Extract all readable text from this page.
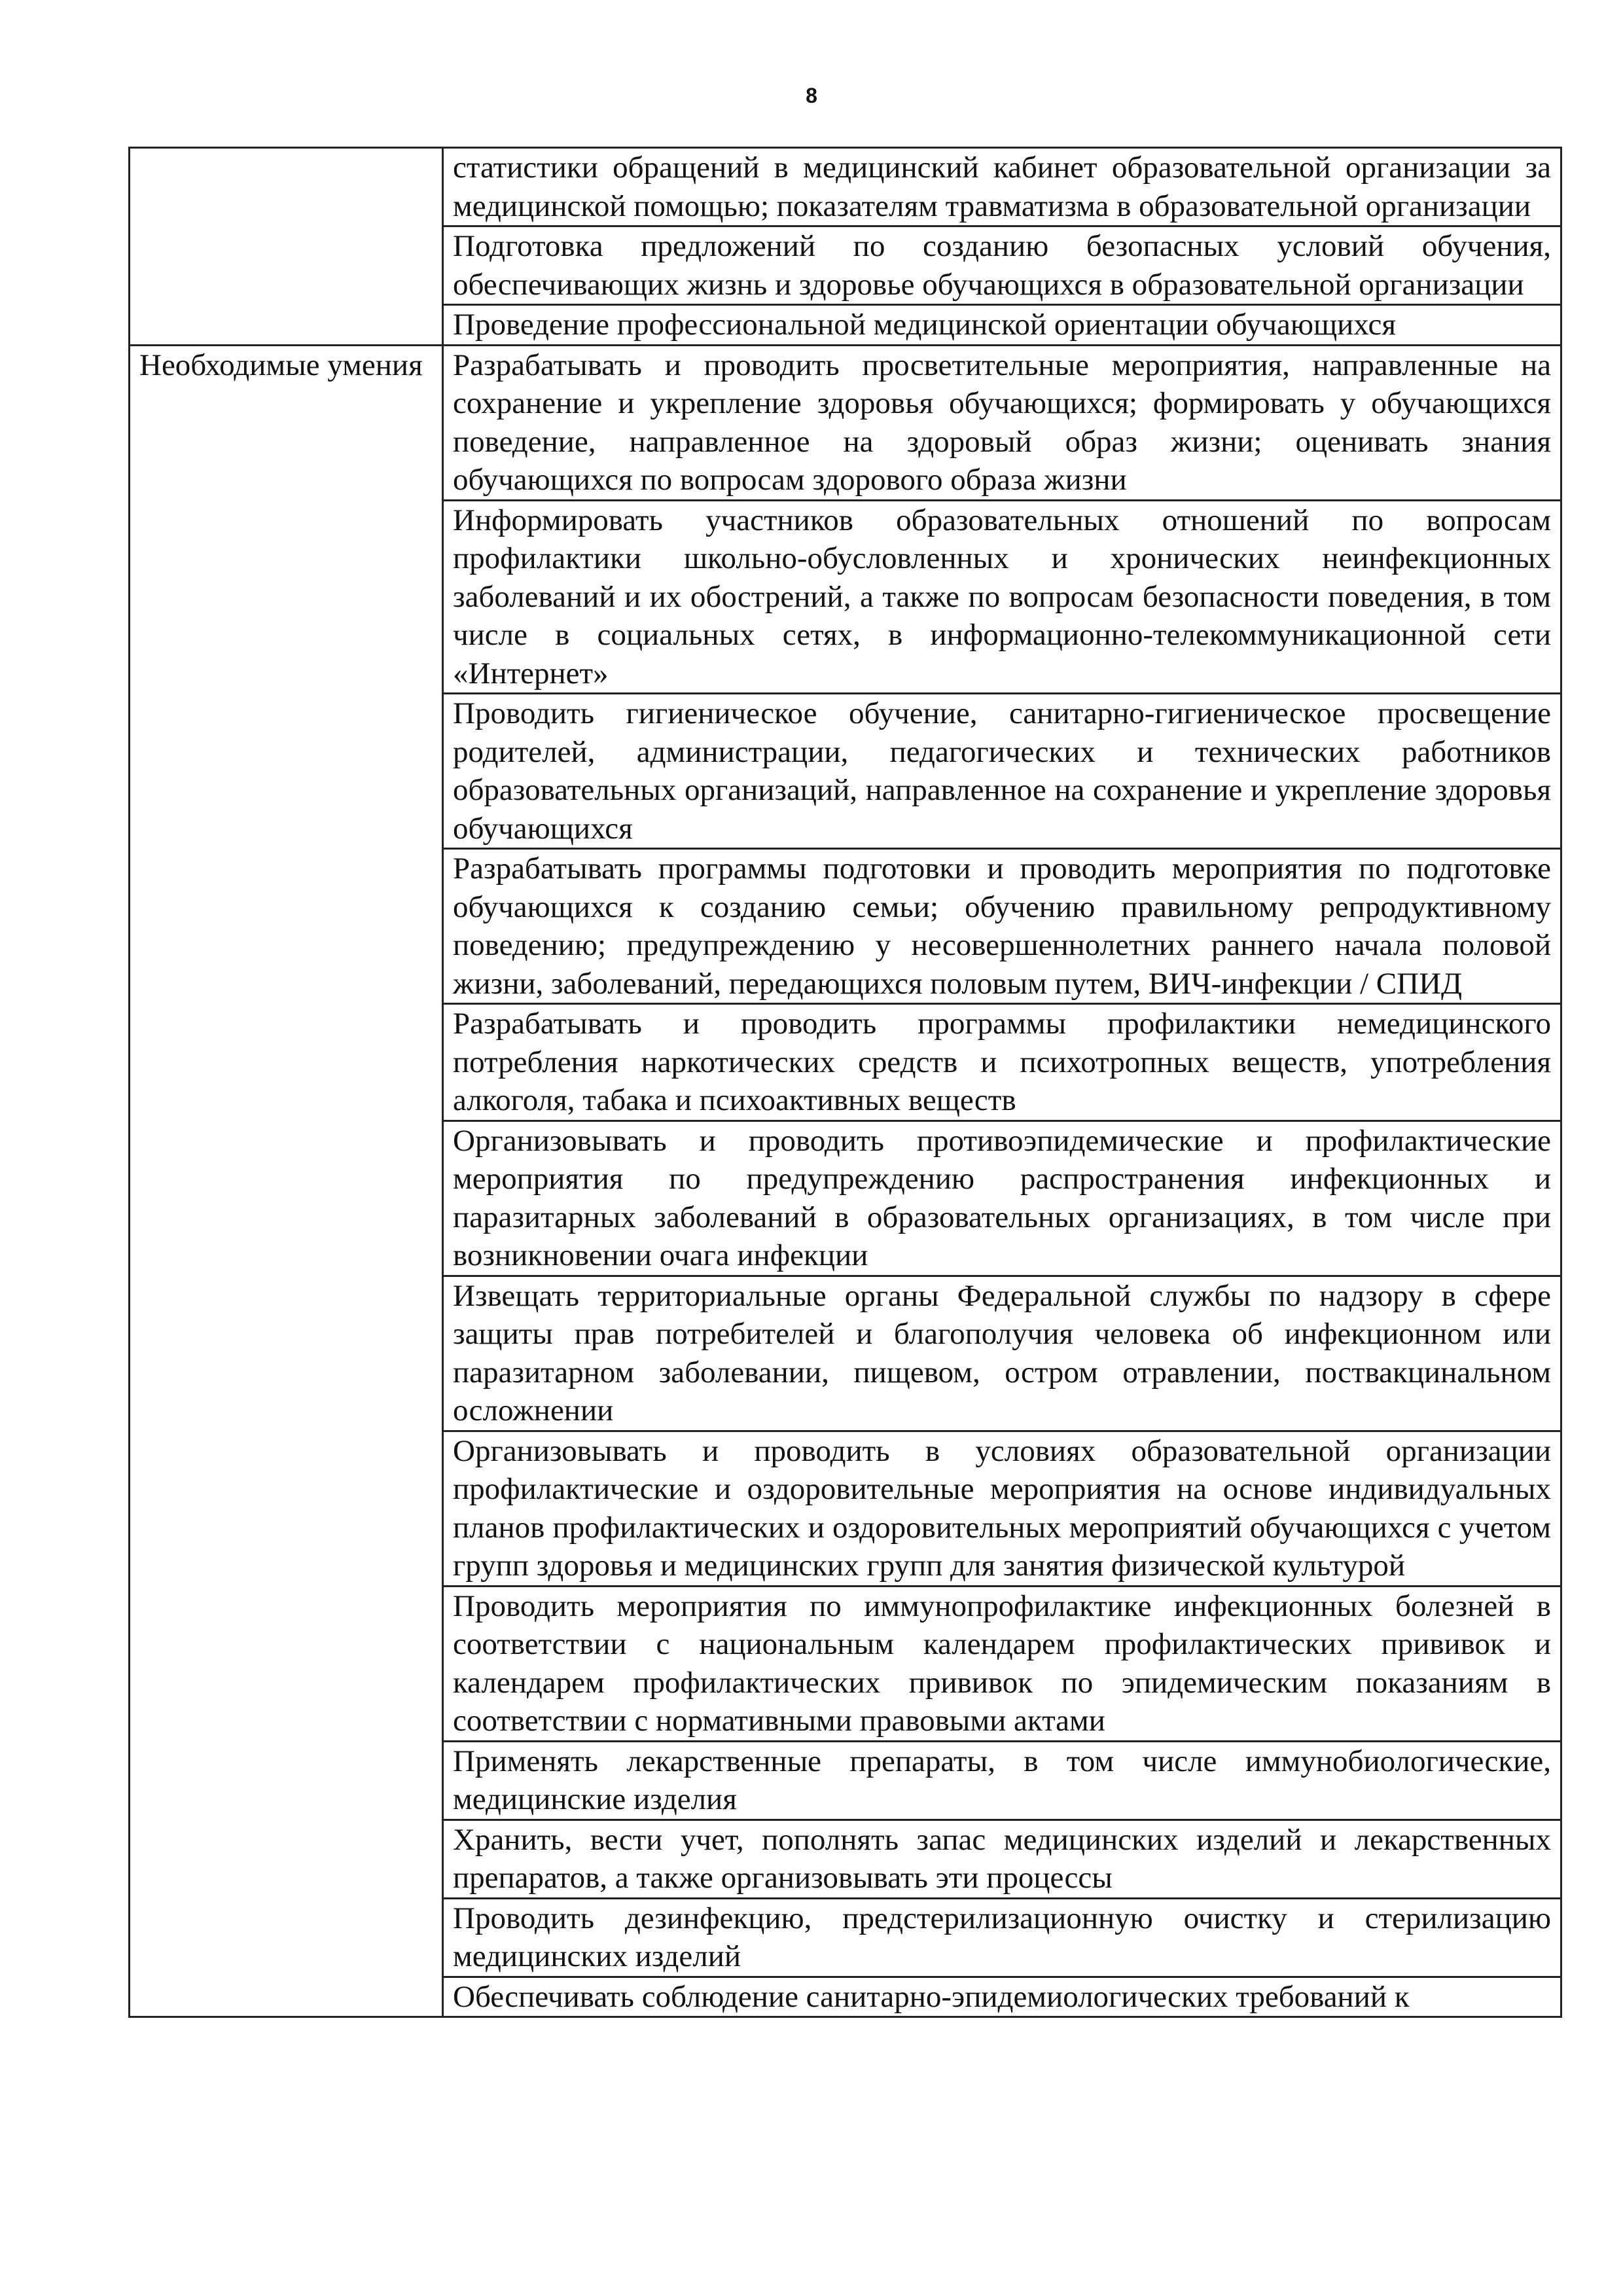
8
	статистики обращений в медицинский кабинет образовательной организации за медицинской помощью; показателям травматизма в образовательной организации
	Подготовка предложений по созданию безопасных условий обучения, обеспечивающих жизнь и здоровье обучающихся в образовательной организации
	Проведение профессиональной медицинской ориентации обучающихся
Необходимые умения	Разрабатывать и проводить просветительные мероприятия, направленные на сохранение и укрепление здоровья обучающихся; формировать у обучающихся поведение, направленное на здоровый образ жизни; оценивать знания обучающихся по вопросам здорового образа жизни
	Информировать участников образовательных отношений по вопросам профилактики школьно-обусловленных и хронических неинфекционных заболеваний и их обострений, а также по вопросам безопасности поведения, в том числе в социальных сетях, в информационно-телекоммуникационной сети «Интернет»
	Проводить гигиеническое обучение, санитарно-гигиеническое просвещение родителей, администрации, педагогических и технических работников образовательных организаций, направленное на сохранение и укрепление здоровья обучающихся
	Разрабатывать программы подготовки и проводить мероприятия по подготовке обучающихся к созданию семьи; обучению правильному репродуктивному поведению; предупреждению у несовершеннолетних раннего начала половой жизни, заболеваний, передающихся половым путем, ВИЧ-инфекции / СПИД
	Разрабатывать и проводить программы профилактики немедицинского потребления наркотических средств и психотропных веществ, употребления алкоголя, табака и психоактивных веществ
	Организовывать и проводить противоэпидемические и профилактические мероприятия по предупреждению распространения инфекционных и паразитарных заболеваний в образовательных организациях, в том числе при возникновении очага инфекции
	Извещать территориальные органы Федеральной службы по надзору в сфере защиты прав потребителей и благополучия человека об инфекционном или паразитарном заболевании, пищевом, остром отравлении, поствакцинальном осложнении
	Организовывать и проводить в условиях образовательной организации профилактические и оздоровительные мероприятия на основе индивидуальных планов профилактических и оздоровительных мероприятий обучающихся с учетом групп здоровья и медицинских групп для занятия физической культурой
	Проводить мероприятия по иммунопрофилактике инфекционных болезней в соответствии с национальным календарем профилактических прививок и календарем профилактических прививок по эпидемическим показаниям в соответствии с нормативными правовыми актами
	Применять лекарственные препараты, в том числе иммунобиологические, медицинские изделия
	Хранить, вести учет, пополнять запас медицинских изделий и лекарственных препаратов, а также организовывать эти процессы
	Проводить дезинфекцию, предстерилизационную очистку и стерилизацию медицинских изделий
	Обеспечивать соблюдение санитарно-эпидемиологических требований к
